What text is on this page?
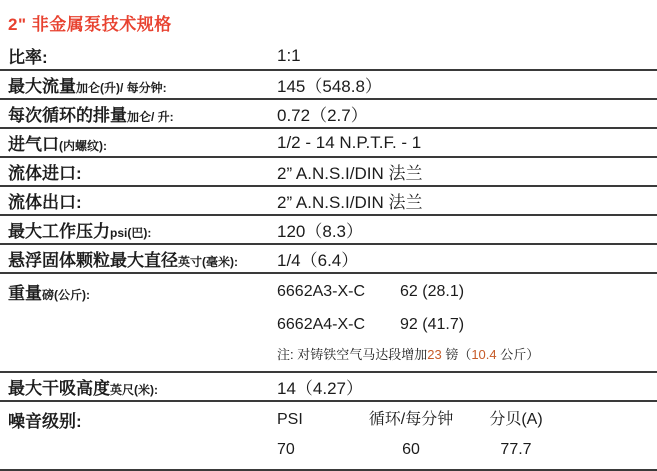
2" 非金属泵技术规格
比率:	1:1
最大流量加仑(升)/ 每分钟:	145（548.8）
每次循环的排量加仑/ 升:	0.72（2.7）
进气口(内螺纹):	1/2 - 14 N.P.T.F. - 1
流体进口:	2” A.N.S.I/DIN 法兰
流体出口:	2” A.N.S.I/DIN 法兰
最大工作压力psi(巴):	120（8.3）
悬浮固体颗粒最大直径英寸(毫米):	1/4（6.4）
重量磅(公斤):	6662A3-X-C 62 (28.1)
6662A4-X-C 92 (41.7)
注: 对铸铁空气马达段增加23 镑（10.4 公斤）
最大干吸高度英尺(米):	14（4.27）
噪音级别:	PSI	循环/每分钟	分贝(A)
70	60	77.7
